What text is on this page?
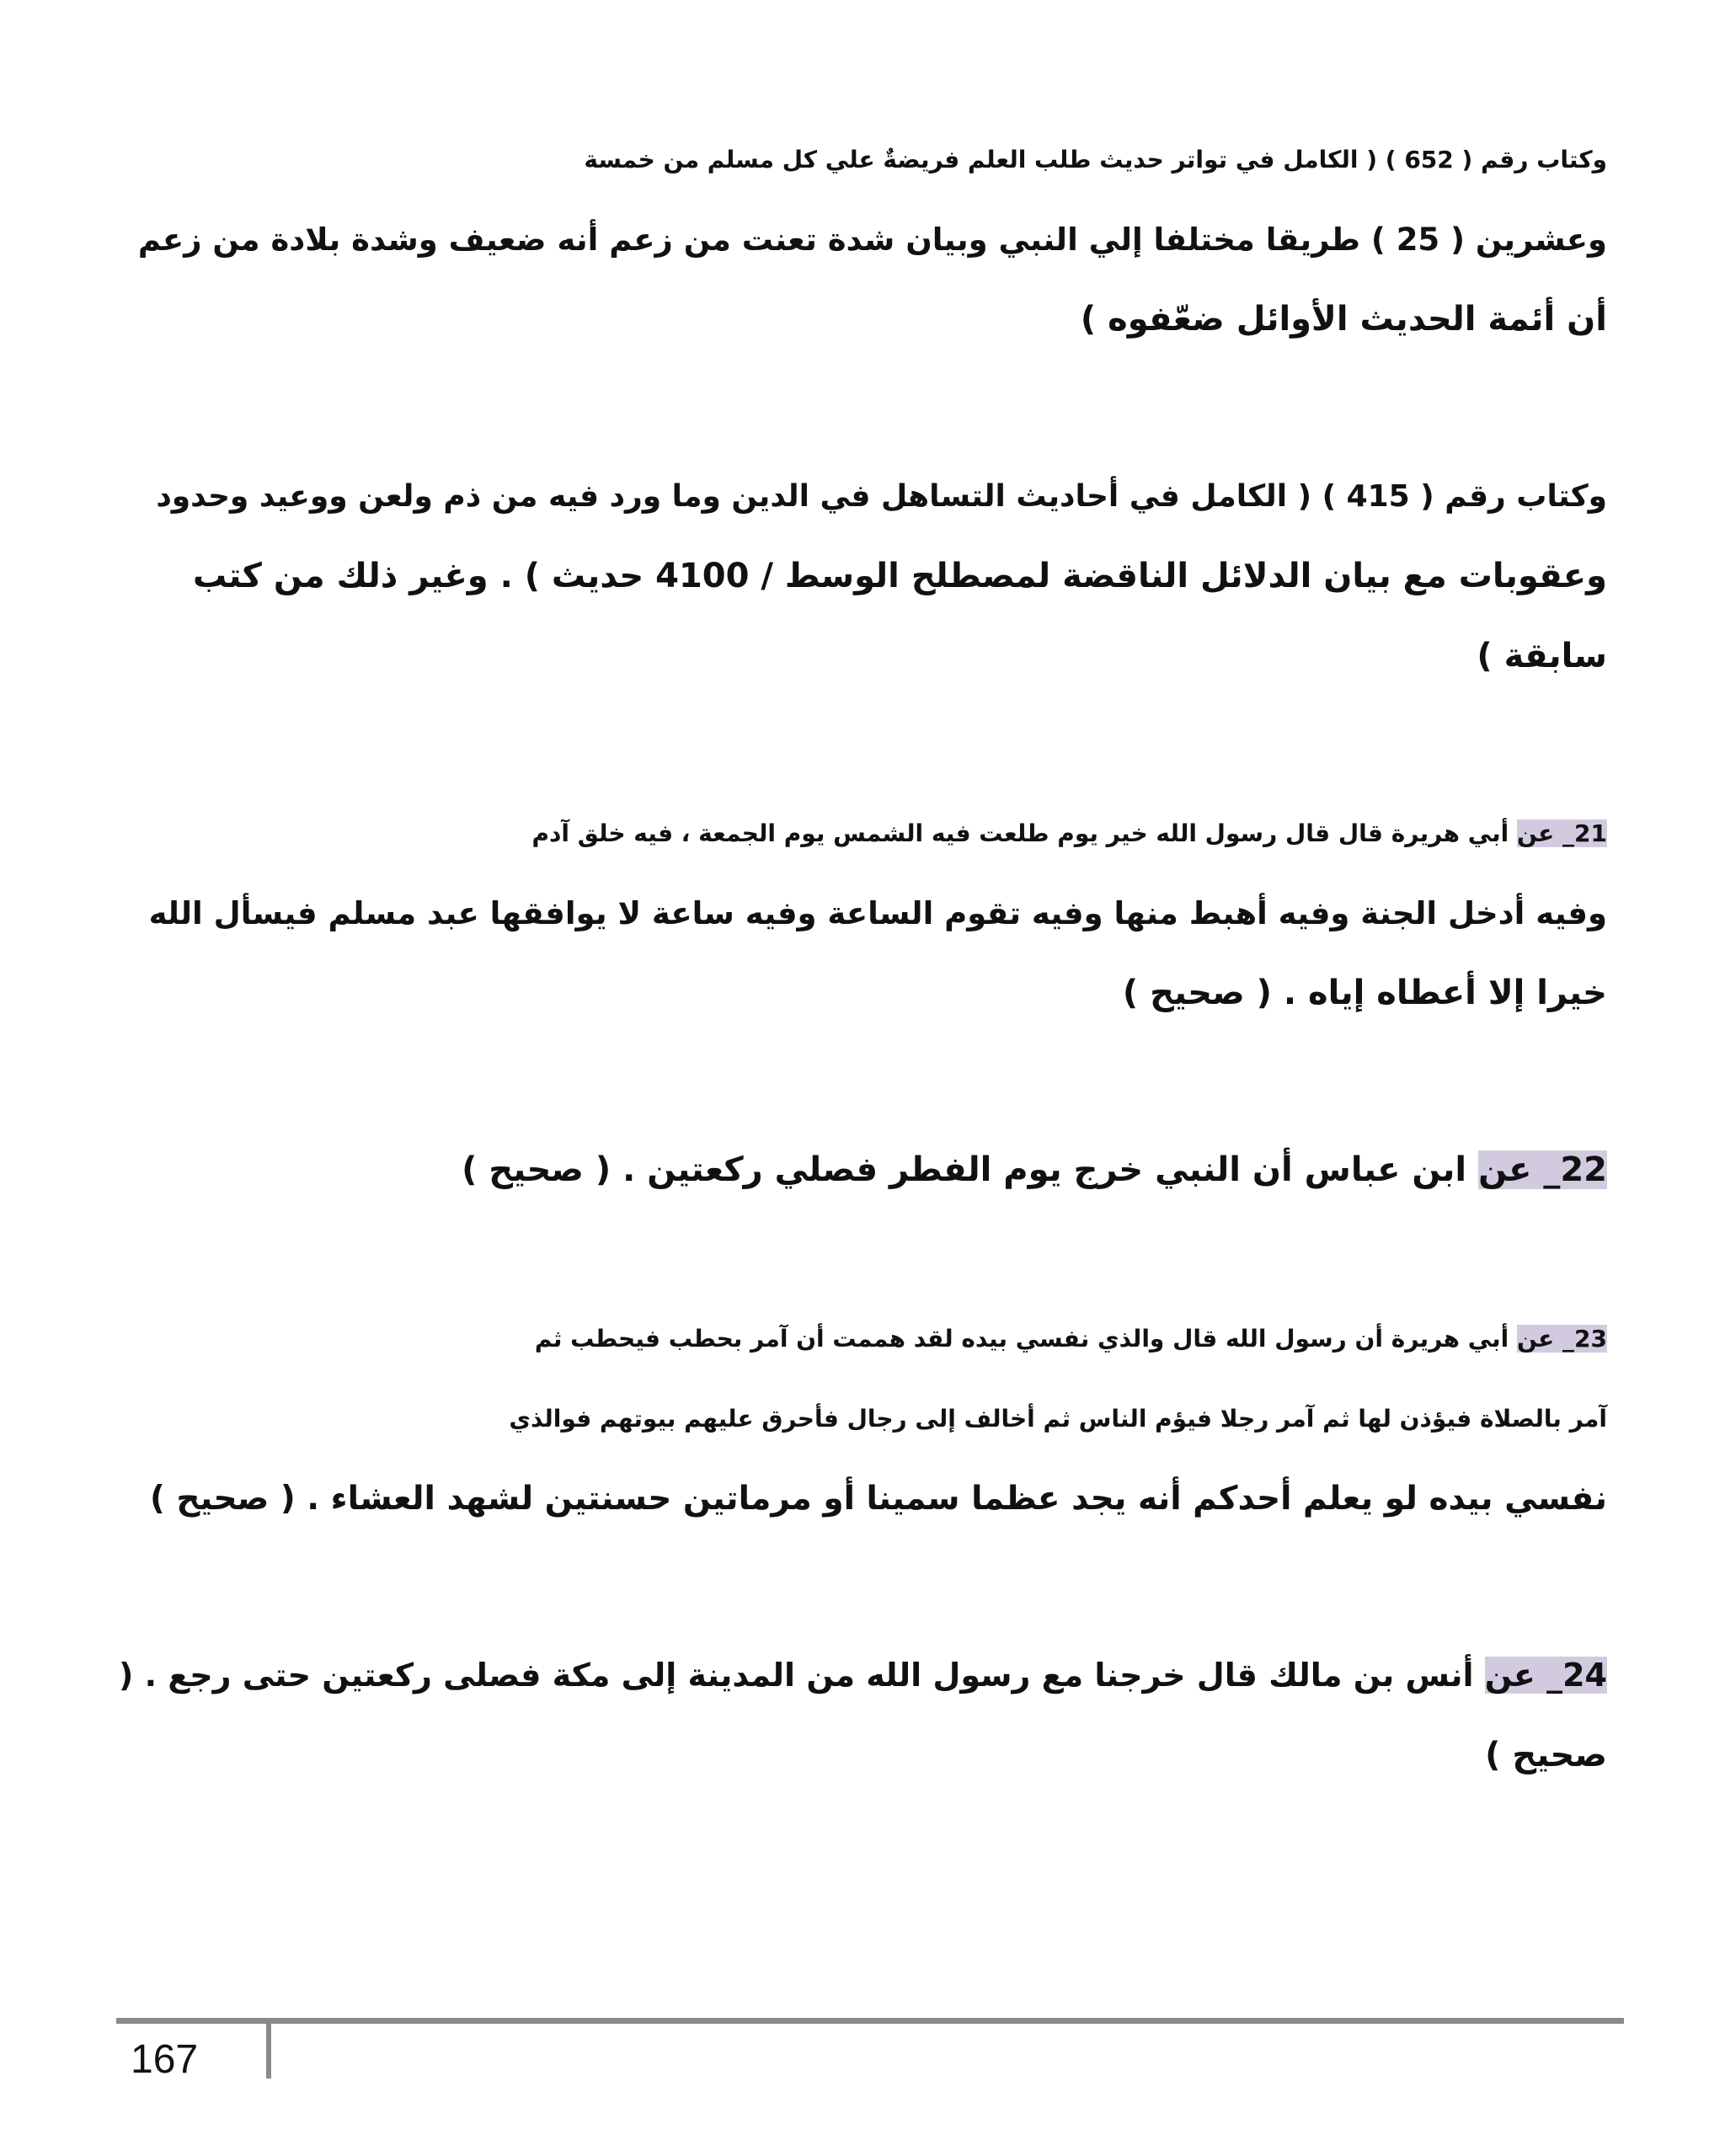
وكتاب رقم ( 652 ) ( الكامل في تواتر حديث طلب العلم فريضةٌ علي كل مسلم من خمسة
وعشرين ( 25 ) طريقا مختلفا إلي النبي وبيان شدة تعنت من زعم أنه ضعيف وشدة بلادة من زعم
أن أئمة الحديث الأوائل ضعّفوه )
وكتاب رقم ( 415 ) ( الكامل في أحاديث التساهل في الدين وما ورد فيه من ذم ولعن ووعيد وحدود
وعقوبات مع بيان الدلائل الناقضة لمصطلح الوسط / 4100 حديث ) . وغير ذلك من كتب
سابقة )
21_ عن أبي هريرة قال قال رسول الله خير يوم طلعت فيه الشمس يوم الجمعة ، فيه خلق آدم
وفيه أدخل الجنة وفيه أهبط منها وفيه تقوم الساعة وفيه ساعة لا يوافقها عبد مسلم فيسأل الله
خيرا إلا أعطاه إياه . ( صحيح )
22_ عن ابن عباس أن النبي خرج يوم الفطر فصلي ركعتين . ( صحيح )
23_ عن أبي هريرة أن رسول الله قال والذي نفسي بيده لقد هممت أن آمر بحطب فيحطب ثم
آمر بالصلاة فيؤذن لها ثم آمر رجلا فيؤم الناس ثم أخالف إلى رجال فأحرق عليهم بيوتهم فوالذي
نفسي بيده لو يعلم أحدكم أنه يجد عظما سمينا أو مرماتين حسنتين لشهد العشاء . ( صحيح )
24_ عن أنس بن مالك قال خرجنا مع رسول الله من المدينة إلى مكة فصلى ركعتين حتى رجع . (
صحيح )
167
